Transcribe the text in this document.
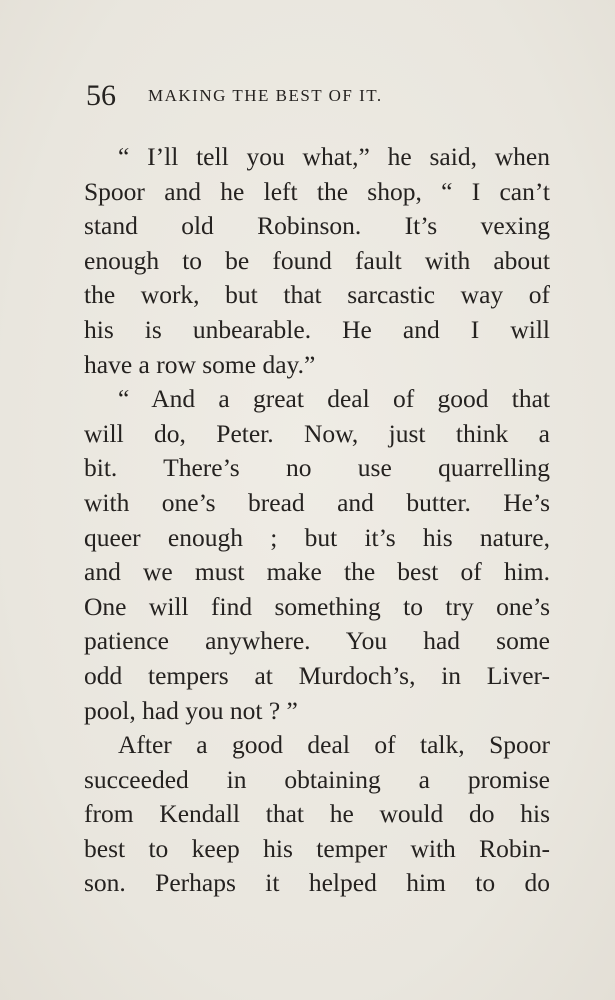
56 MAKING THE BEST OF IT.
“ I’ll tell you what,” he said, when
Spoor and he left the shop, “ I can’t
stand old Robinson. It’s vexing
enough to be found fault with about
the work, but that sarcastic way of
his is unbearable. He and I will
have a row some day.”
“ And a great deal of good that
will do, Peter. Now, just think a
bit. There’s no use quarrelling
with one’s bread and butter. He’s
queer enough ; but it’s his nature,
and we must make the best of him.
One will find something to try one’s
patience anywhere. You had some
odd tempers at Murdoch’s, in Liver-
pool, had you not ? ”
After a good deal of talk, Spoor
succeeded in obtaining a promise
from Kendall that he would do his
best to keep his temper with Robin-
son. Perhaps it helped him to do
